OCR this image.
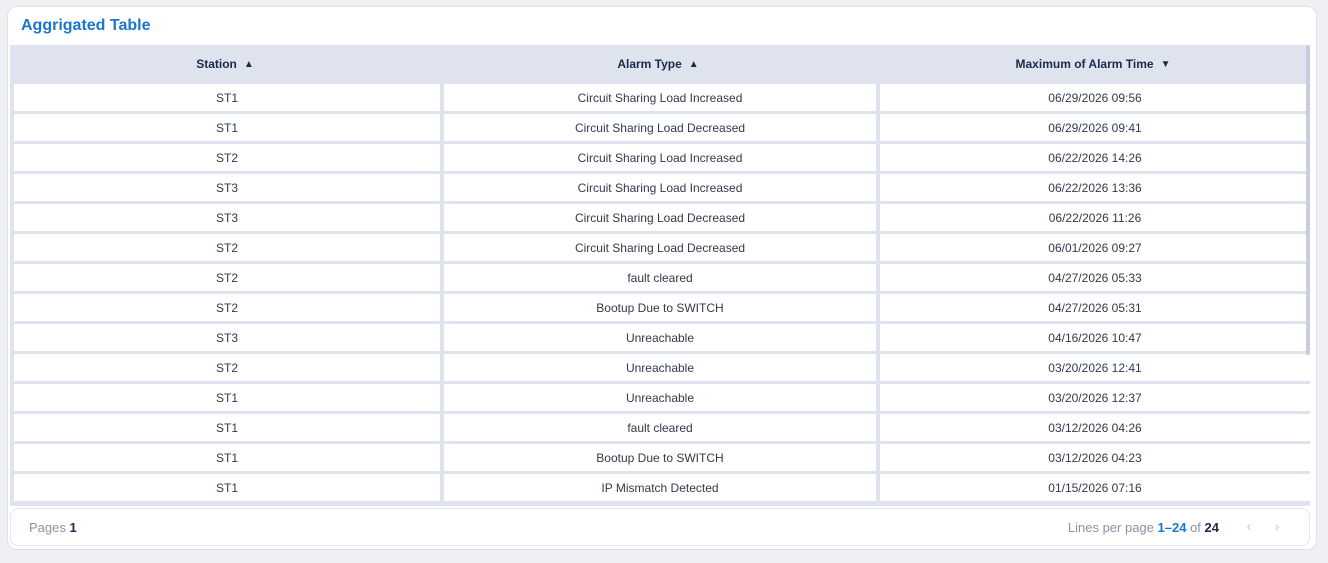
Aggrigated Table
Station ▲	Alarm Type ▲	Maximum of Alarm Time ▼
ST1	Circuit Sharing Load Increased	06/29/2026 09:56
ST1	Circuit Sharing Load Decreased	06/29/2026 09:41
ST2	Circuit Sharing Load Increased	06/22/2026 14:26
ST3	Circuit Sharing Load Increased	06/22/2026 13:36
ST3	Circuit Sharing Load Decreased	06/22/2026 11:26
ST2	Circuit Sharing Load Decreased	06/01/2026 09:27
ST2	fault cleared	04/27/2026 05:33
ST2	Bootup Due to SWITCH	04/27/2026 05:31
ST3	Unreachable	04/16/2026 10:47
ST2	Unreachable	03/20/2026 12:41
ST1	Unreachable	03/20/2026 12:37
ST1	fault cleared	03/12/2026 04:26
ST1	Bootup Due to SWITCH	03/12/2026 04:23
ST1	IP Mismatch Detected	01/15/2026 07:16
Pages 1	Lines per page 1–24 of 24	‹	›
